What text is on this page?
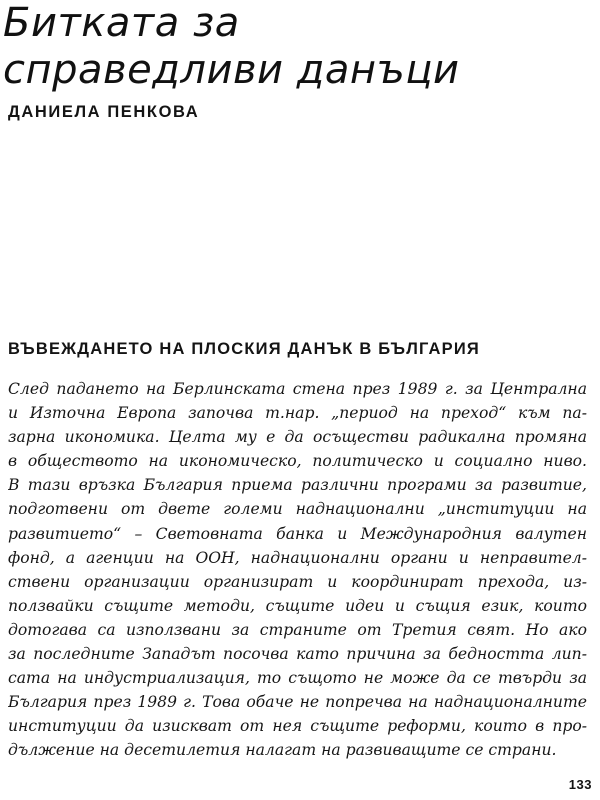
Битката за
справедливи данъци
ДАНИЕЛА ПЕНКОВА
ВЪВЕЖДАНЕТО НА ПЛОСКИЯ ДАНЪК В БЪЛГАРИЯ
След падането на Берлинската стена през 1989 г. за Централна
и Източна Европа започва т.нар. „период на преход“ към па-
зарна икономика. Целта му е да осъществи радикална промяна
в обществото на икономическо, политическо и социално ниво.
В тази връзка България приема различни програми за развитие,
подготвени от двете големи наднационални „институции на
развитието“ – Световната банка и Международния валутен
фонд, а агенции на ООН, наднационални органи и неправител-
ствени организации организират и координират прехода, из-
ползвайки същите методи, същите идеи и същия език, които
дотогава са използвани за страните от Третия свят. Но ако
за последните Западът посочва като причина за бедността лип-
сата на индустриализация, то същото не може да се твърди за
България през 1989 г. Това обаче не попречва на наднационалните
институции да изискват от нея същите реформи, които в про-
дължение на десетилетия налагат на развиващите се страни.
133
